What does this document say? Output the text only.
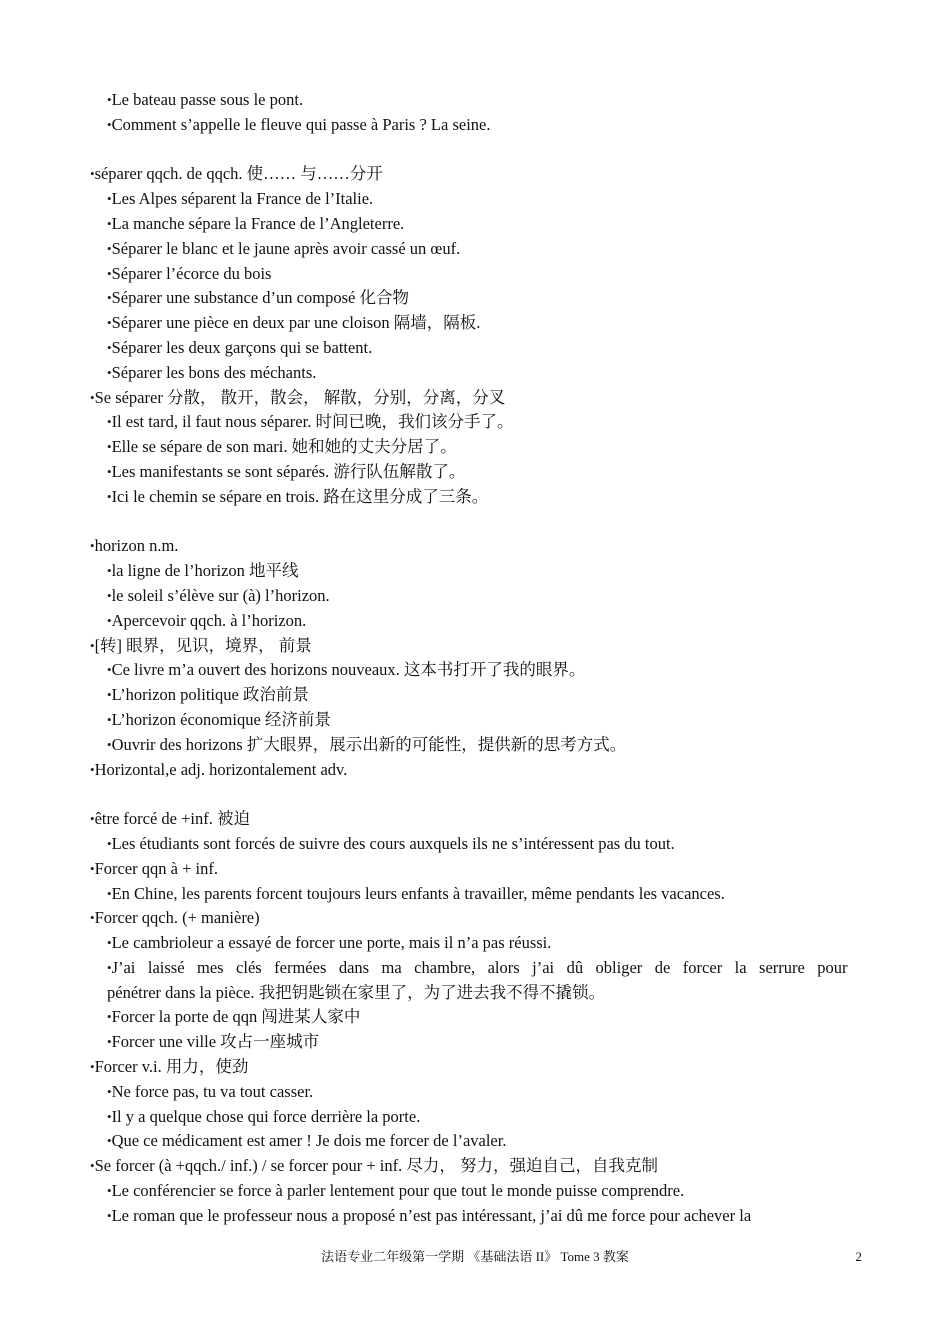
•Le bateau passe sous le pont.
•Comment s’appelle le fleuve qui passe à Paris ? La seine.
•séparer qqch. de qqch. 使…… 与……分开
•Les Alpes séparent la France de l’Italie.
•La manche sépare la France de l’Angleterre.
•Séparer le blanc et le jaune après avoir cassé un œuf.
•Séparer l’écorce du bois
•Séparer une substance d’un composé 化合物
•Séparer une pièce en deux par une cloison 隔墙，隔板.
•Séparer les deux garçons qui se battent.
•Séparer les bons des méchants.
•Se séparer 分散， 散开，散会， 解散，分别，分离，分叉
•Il est tard, il faut nous séparer. 时间已晚，我们该分手了。
•Elle se sépare de son mari. 她和她的丈夫分居了。
•Les manifestants se sont séparés. 游行队伍解散了。
•Ici le chemin se sépare en trois. 路在这里分成了三条。
•horizon n.m.
•la ligne de l’horizon 地平线
•le soleil s’élève sur (à) l’horizon.
•Apercevoir qqch. à l’horizon.
•[转] 眼界，见识，境界， 前景
•Ce livre m’a ouvert des horizons nouveaux. 这本书打开了我的眼界。
•L’horizon politique 政治前景
•L’horizon économique 经济前景
•Ouvrir des horizons 扩大眼界，展示出新的可能性，提供新的思考方式。
•Horizontal,e adj. horizontalement adv.
•être forcé de +inf. 被迫
•Les étudiants sont forcés de suivre des cours auxquels ils ne s’intéressent pas du tout.
•Forcer qqn à + inf.
•En Chine, les parents forcent toujours leurs enfants à travailler, même pendants les vacances.
•Forcer qqch. (+ manière)
•Le cambrioleur a essayé de forcer une porte, mais il n’a pas réussi.
•J’ai laissé mes clés fermées dans ma chambre, alors j’ai dû obliger de forcer la serrure pour
pénétrer dans la pièce. 我把钥匙锁在家里了，为了进去我不得不撬锁。
•Forcer la porte de qqn 闯进某人家中
•Forcer une ville 攻占一座城市
•Forcer v.i. 用力，使劲
•Ne force pas, tu va tout casser.
•Il y a quelque chose qui force derrière la porte.
•Que ce médicament est amer ! Je dois me forcer de l’avaler.
•Se forcer (à +qqch./ inf.) / se forcer pour + inf. 尽力， 努力，强迫自己，自我克制
•Le conférencier se force à parler lentement pour que tout le monde puisse comprendre.
•Le roman que le professeur nous a proposé n’est pas intéressant, j’ai dû me force pour achever la
法语专业二年级第一学期 《基础法语 II》 Tome 3 教案	2
